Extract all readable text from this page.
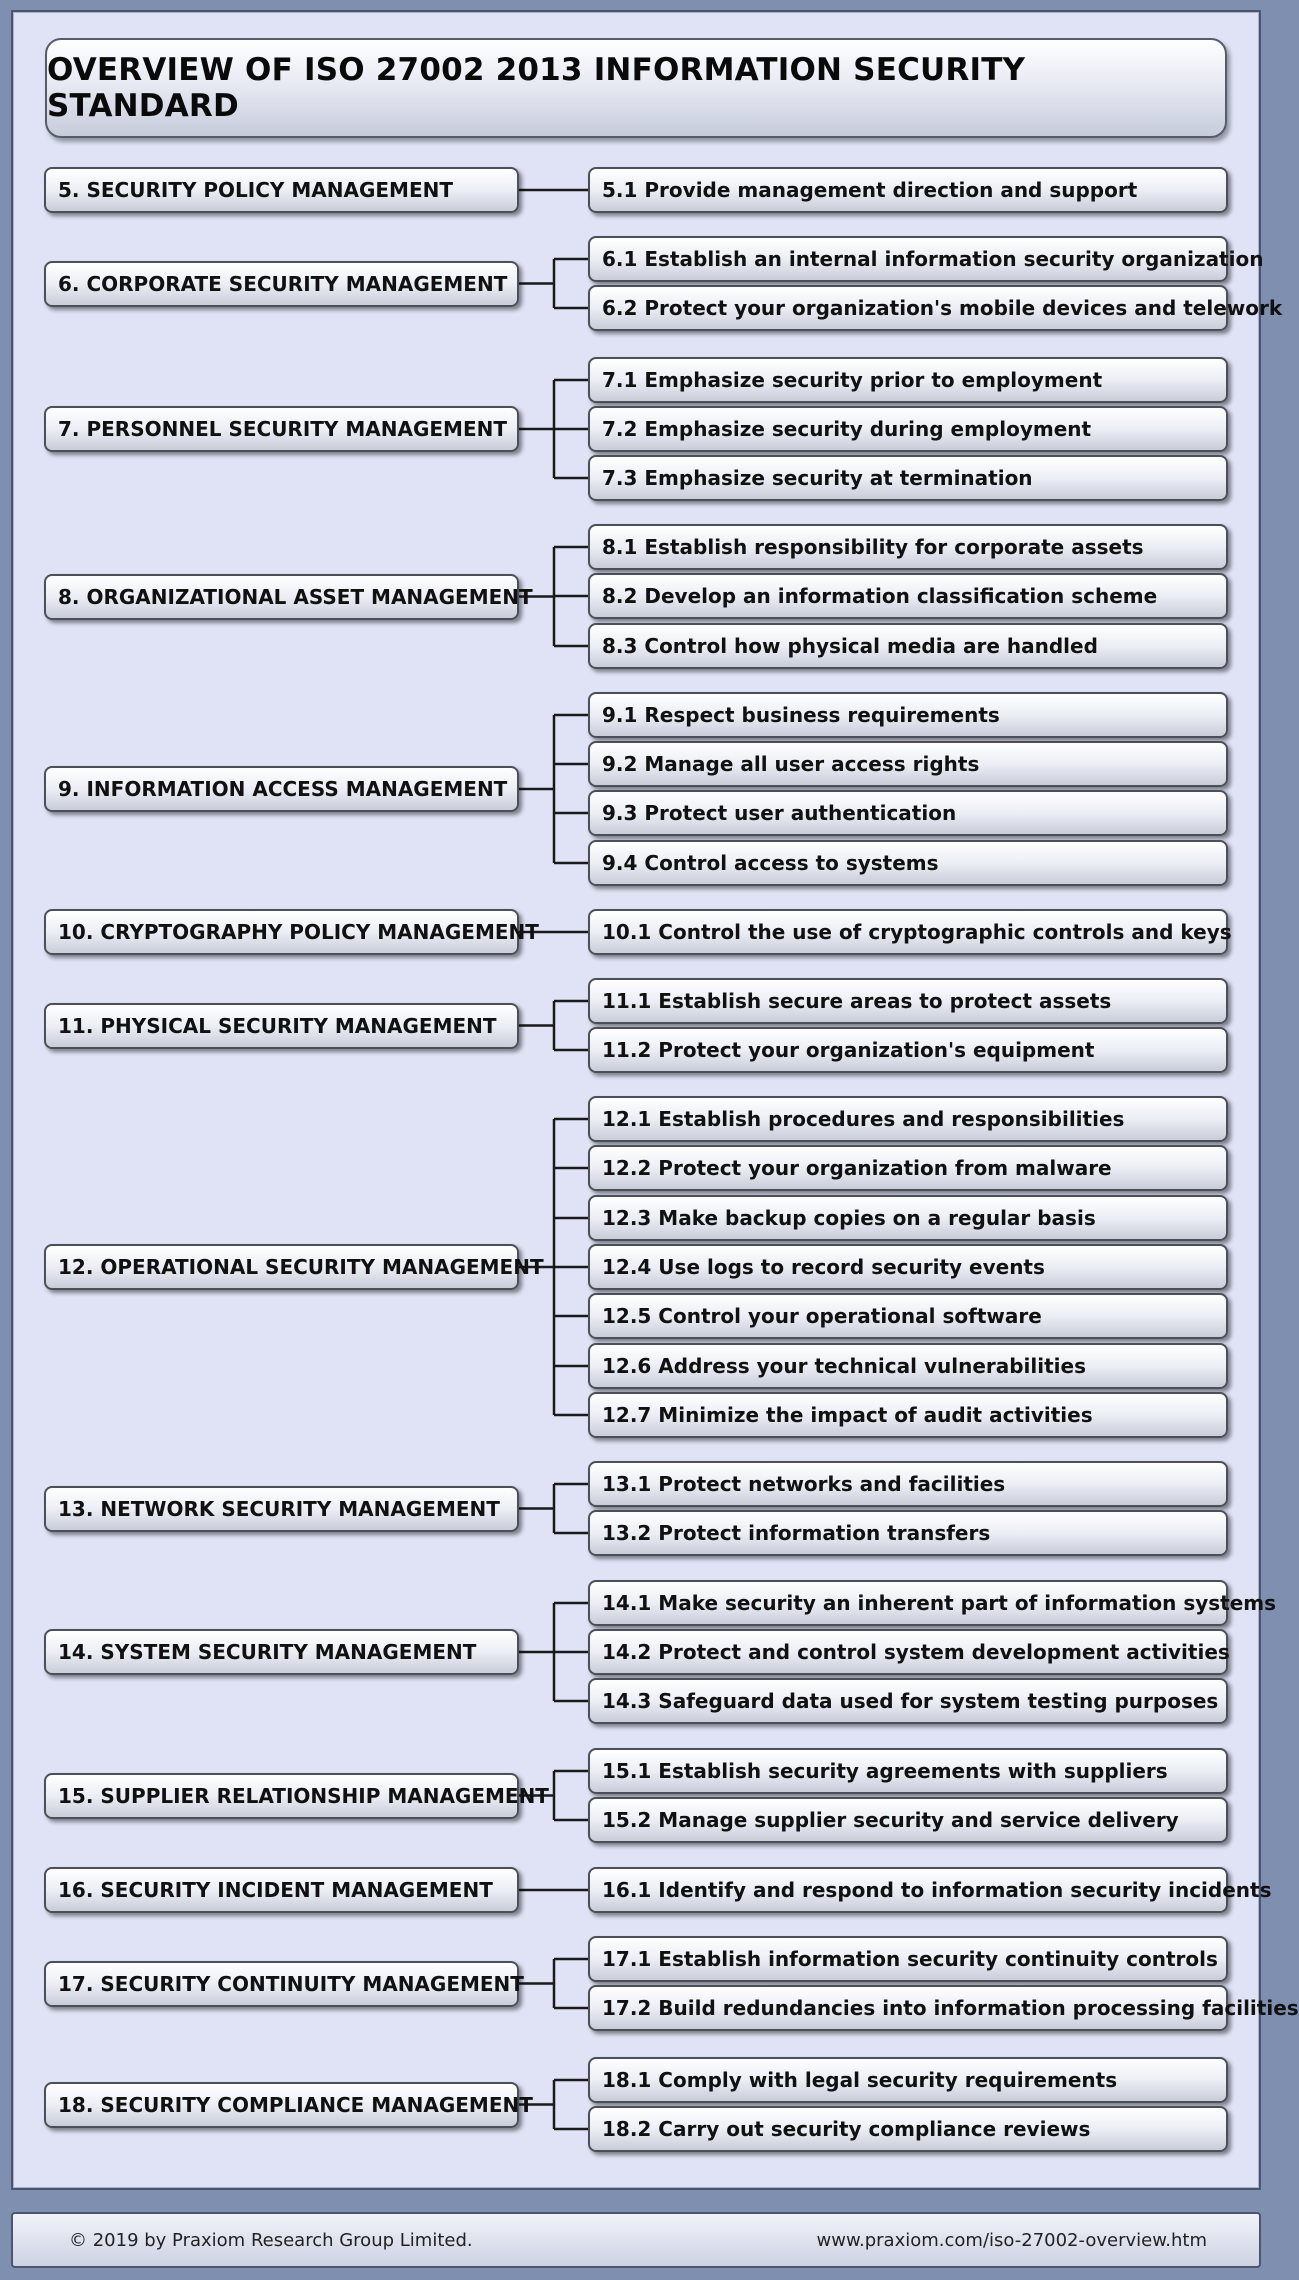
OVERVIEW OF ISO 27002 2013 INFORMATION SECURITY STANDARD
5. SECURITY POLICY MANAGEMENT	5.1 Provide management direction and support
6. CORPORATE SECURITY MANAGEMENT
6.1 Establish an internal information security organization
6.2 Protect your organization's mobile devices and telework
7. PERSONNEL SECURITY MANAGEMENT
7.1 Emphasize security prior to employment
7.2 Emphasize security during employment
7.3 Emphasize security at termination
8. ORGANIZATIONAL ASSET MANAGEMENT
8.1 Establish responsibility for corporate assets
8.2 Develop an information classification scheme
8.3 Control how physical media are handled
9. INFORMATION ACCESS MANAGEMENT
9.1 Respect business requirements
9.2 Manage all user access rights
9.3 Protect user authentication
9.4 Control access to systems
10. CRYPTOGRAPHY POLICY MANAGEMENT	10.1 Control the use of cryptographic controls and keys
11. PHYSICAL SECURITY MANAGEMENT
11.1 Establish secure areas to protect assets
11.2 Protect your organization's equipment
12. OPERATIONAL SECURITY MANAGEMENT
12.1 Establish procedures and responsibilities
12.2 Protect your organization from malware
12.3 Make backup copies on a regular basis
12.4 Use logs to record security events
12.5 Control your operational software
12.6 Address your technical vulnerabilities
12.7 Minimize the impact of audit activities
13. NETWORK SECURITY MANAGEMENT
13.1 Protect networks and facilities
13.2 Protect information transfers
14. SYSTEM SECURITY MANAGEMENT
14.1 Make security an inherent part of information systems
14.2 Protect and control system development activities
14.3 Safeguard data used for system testing purposes
15. SUPPLIER RELATIONSHIP MANAGEMENT
15.1 Establish security agreements with suppliers
15.2 Manage supplier security and service delivery
16. SECURITY INCIDENT MANAGEMENT	16.1 Identify and respond to information security incidents
17. SECURITY CONTINUITY MANAGEMENT
17.1 Establish information security continuity controls
17.2 Build redundancies into information processing facilities
18. SECURITY COMPLIANCE MANAGEMENT
18.1 Comply with legal security requirements
18.2 Carry out security compliance reviews
© 2019 by Praxiom Research Group Limited.	www.praxiom.com/iso-27002-overview.htm
